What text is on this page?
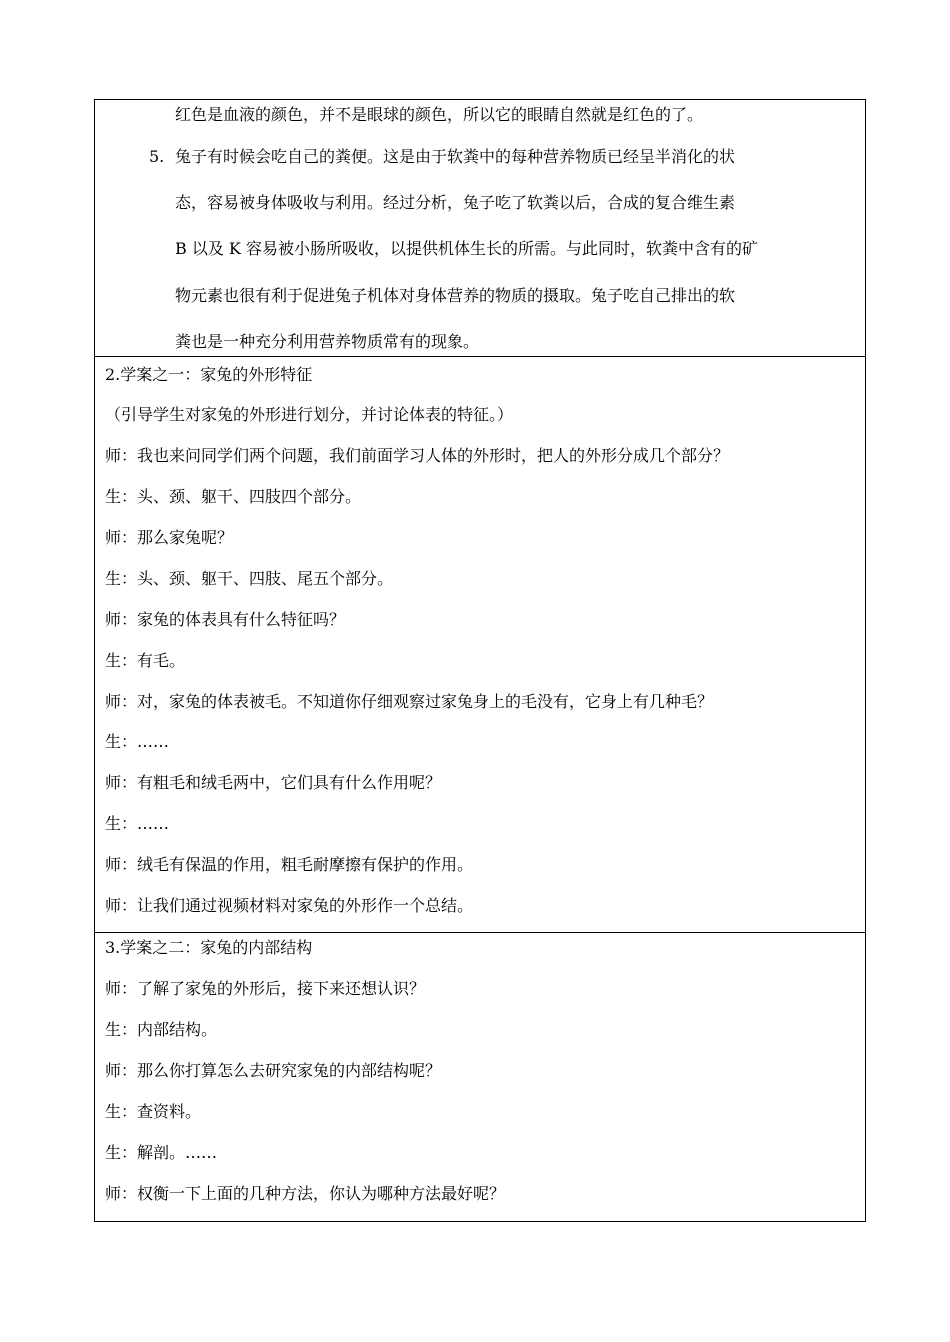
红色是血液的颜色，并不是眼球的颜色，所以它的眼睛自然就是红色的了。
5. 兔子有时候会吃自己的粪便。这是由于软粪中的每种营养物质已经呈半消化的状
态，容易被身体吸收与利用。经过分析，兔子吃了软粪以后，合成的复合维生素
B 以及 K 容易被小肠所吸收，以提供机体生长的所需。与此同时，软粪中含有的矿
物元素也很有利于促进兔子机体对身体营养的物质的摄取。兔子吃自己排出的软
粪也是一种充分利用营养物质常有的现象。
2.学案之一：家兔的外形特征
（引导学生对家兔的外形进行划分，并讨论体表的特征。）
师：我也来问同学们两个问题，我们前面学习人体的外形时，把人的外形分成几个部分？
生：头、颈、躯干、四肢四个部分。
师：那么家兔呢？
生：头、颈、躯干、四肢、尾五个部分。
师：家兔的体表具有什么特征吗？
生：有毛。
师：对，家兔的体表被毛。不知道你仔细观察过家兔身上的毛没有，它身上有几种毛？
生：……
师：有粗毛和绒毛两中，它们具有什么作用呢？
生：……
师：绒毛有保温的作用，粗毛耐摩擦有保护的作用。
师：让我们通过视频材料对家兔的外形作一个总结。
3.学案之二：家兔的内部结构
师：了解了家兔的外形后，接下来还想认识？
生：内部结构。
师：那么你打算怎么去研究家兔的内部结构呢？
生：查资料。
生：解剖。……
师：权衡一下上面的几种方法，你认为哪种方法最好呢？
